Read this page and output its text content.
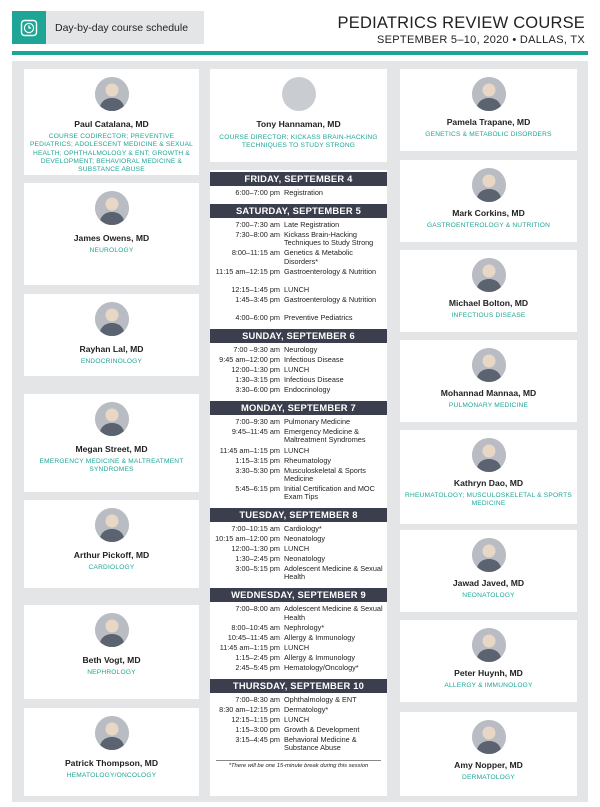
Day-by-day course schedule	PEDIATRICS REVIEW COURSE
SEPTEMBER 5–10, 2020 • DALLAS, TX
Paul Catalana, MD
COURSE CODIRECTOR; PREVENTIVE PEDIATRICS; ADOLESCENT MEDICINE & SEXUAL HEALTH; OPHTHALMOLOGY & ENT; GROWTH & DEVELOPMENT; BEHAVIORAL MEDICINE & SUBSTANCE ABUSE
James Owens, MD
NEUROLOGY
Rayhan Lal, MD
ENDOCRINOLOGY
Megan Street, MD
EMERGENCY MEDICINE & MALTREATMENT SYNDROMES
Arthur Pickoff, MD
CARDIOLOGY
Beth Vogt, MD
NEPHROLOGY
Patrick Thompson, MD
HEMATOLOGY/ONCOLOGY
Pamela Trapane, MD
GENETICS & METABOLIC DISORDERS
Mark Corkins, MD
GASTROENTEROLOGY & NUTRITION
Michael Bolton, MD
INFECTIOUS DISEASE
Mohannad Mannaa, MD
PULMONARY MEDICINE
Kathryn Dao, MD
RHEUMATOLOGY; MUSCULOSKELETAL & SPORTS MEDICINE
Jawad Javed, MD
NEONATOLOGY
Peter Huynh, MD
ALLERGY & IMMUNOLOGY
Amy Nopper, MD
DERMATOLOGY
Tony Hannaman, MD
COURSE DIRECTOR; KICKASS BRAIN-HACKING TECHNIQUES TO STUDY STRONG
FRIDAY, SEPTEMBER 4
6:00–7:00 pm Registration
SATURDAY, SEPTEMBER 5
7:00–7:30 am Late Registration
7:30–8:00 am Kickass Brain-Hacking Techniques to Study Strong
8:00–11:15 am Genetics & Metabolic Disorders*
11:15 am–12:15 pm Gastroenterology & Nutrition
12:15–1:45 pm LUNCH
1:45–3:45 pm Gastroenterology & Nutrition
4:00–6:00 pm Preventive Pediatrics
SUNDAY, SEPTEMBER 6
7:00 –9:30 am Neurology
9:45 am–12:00 pm Infectious Disease
12:00–1:30 pm LUNCH
1:30–3:15 pm Infectious Disease
3:30–6:00 pm Endocrinology
MONDAY, SEPTEMBER 7
7:00–9:30 am Pulmonary Medicine
9:45–11:45 am Emergency Medicine & Maltreatment Syndromes
11:45 am–1:15 pm LUNCH
1:15–3:15 pm Rheumatology
3:30–5:30 pm Musculoskeletal & Sports Medicine
5:45–6:15 pm Initial Certification and MOC Exam Tips
TUESDAY, SEPTEMBER 8
7:00–10:15 am Cardiology*
10:15 am–12:00 pm Neonatology
12:00–1:30 pm LUNCH
1:30–2:45 pm Neonatology
3:00–5:15 pm Adolescent Medicine & Sexual Health
WEDNESDAY, SEPTEMBER 9
7:00–8:00 am Adolescent Medicine & Sexual Health
8:00–10:45 am Nephrology*
10:45–11:45 am Allergy & Immunology
11:45 am–1:15 pm LUNCH
1:15–2:45 pm Allergy & Immunology
2:45–5:45 pm Hematology/Oncology*
THURSDAY, SEPTEMBER 10
7:00–8:30 am Ophthalmology & ENT
8:30 am–12:15 pm Dermatology*
12:15–1:15 pm LUNCH
1:15–3:00 pm Growth & Development
3:15–4:45 pm Behavioral Medicine & Substance Abuse
*There will be one 15-minute break during this session
